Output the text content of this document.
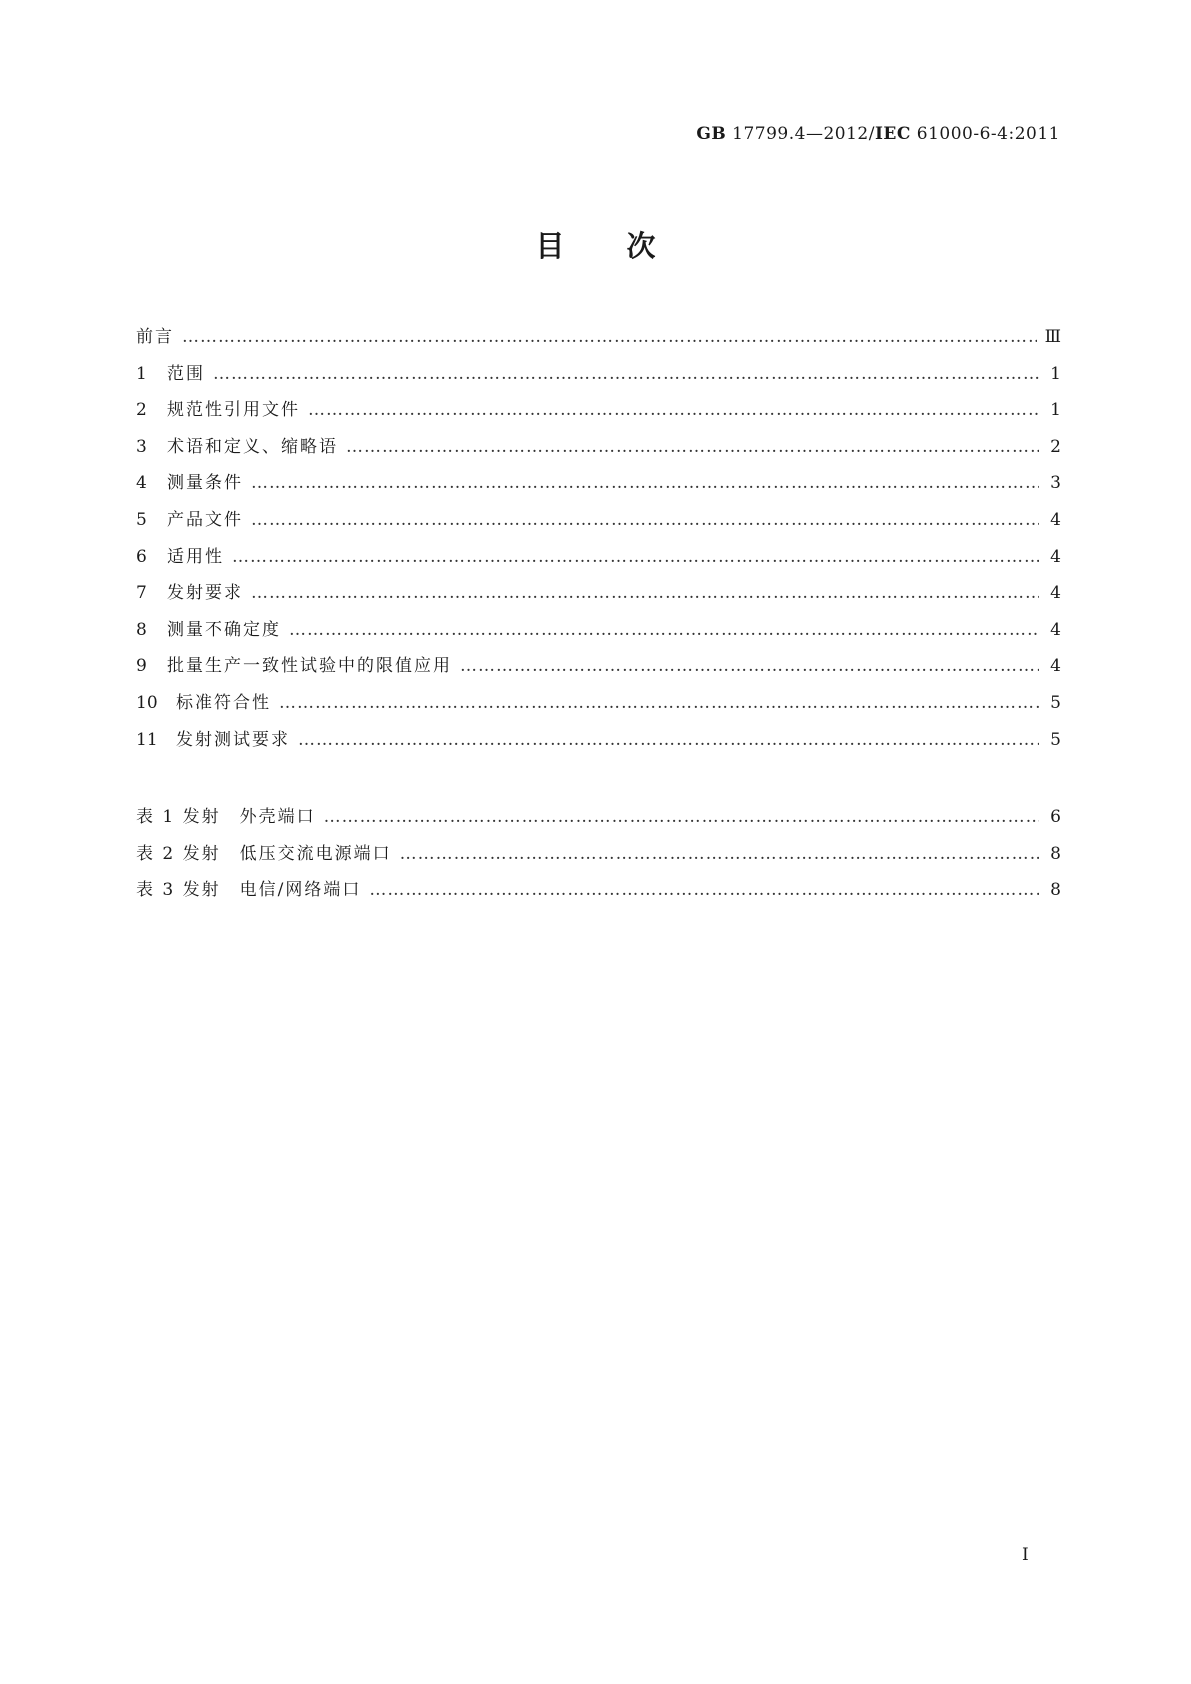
GB 17799.4—2012/IEC 61000-6-4:2011
目次
前言 ……………………………………………………………………………………………………………………………………………………………………………………………………………………………………	Ⅲ
1	范围 ……………………………………………………………………………………………………………………………………………………………………………………………………………………………………	1
2	规范性引用文件 ……………………………………………………………………………………………………………………………………………………………………………………………………………………………………	1
3	术语和定义、缩略语 ……………………………………………………………………………………………………………………………………………………………………………………………………………………………………	2
4	测量条件 ……………………………………………………………………………………………………………………………………………………………………………………………………………………………………	3
5	产品文件 ……………………………………………………………………………………………………………………………………………………………………………………………………………………………………	4
6	适用性 ……………………………………………………………………………………………………………………………………………………………………………………………………………………………………	4
7	发射要求 ……………………………………………………………………………………………………………………………………………………………………………………………………………………………………	4
8	测量不确定度 ……………………………………………………………………………………………………………………………………………………………………………………………………………………………………	4
9	批量生产一致性试验中的限值应用 ……………………………………………………………………………………………………………………………………………………………………………………………………………………………………	4
10	标准符合性 ……………………………………………………………………………………………………………………………………………………………………………………………………………………………………	5
11	发射测试要求 ……………………………………………………………………………………………………………………………………………………………………………………………………………………………………	5
表 1 发射　外壳端口 ……………………………………………………………………………………………………………………………………………………………………………………………………………………………………	6
表 2 发射　低压交流电源端口 ……………………………………………………………………………………………………………………………………………………………………………………………………………………………………	8
表 3 发射　电信/网络端口 ……………………………………………………………………………………………………………………………………………………………………………………………………………………………………	8
I
